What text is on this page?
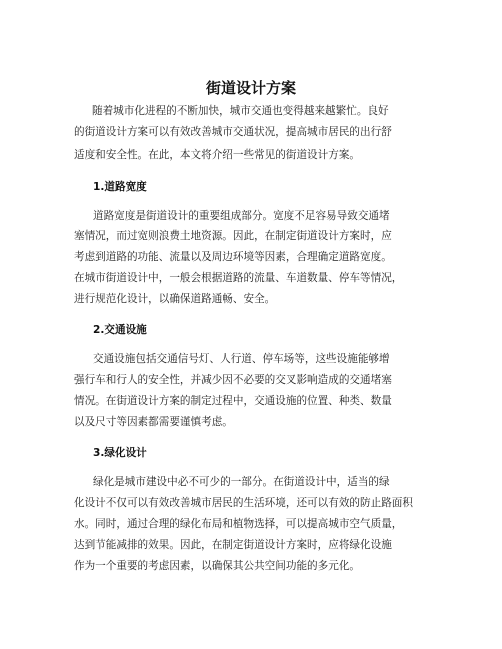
街道设计方案
随着城市化进程的不断加快，城市交通也变得越来越繁忙。良好
的街道设计方案可以有效改善城市交通状况，提高城市居民的出行舒
适度和安全性。在此，本文将介绍一些常见的街道设计方案。
1.道路宽度
道路宽度是街道设计的重要组成部分。宽度不足容易导致交通堵
塞情况，而过宽则浪费土地资源。因此，在制定街道设计方案时，应
考虑到道路的功能、流量以及周边环境等因素，合理确定道路宽度。
在城市街道设计中，一般会根据道路的流量、车道数量、停车等情况，
进行规范化设计，以确保道路通畅、安全。
2.交通设施
交通设施包括交通信号灯、人行道、停车场等，这些设施能够增
强行车和行人的安全性，并减少因不必要的交叉影响造成的交通堵塞
情况。在街道设计方案的制定过程中，交通设施的位置、种类、数量
以及尺寸等因素都需要谨慎考虑。
3.绿化设计
绿化是城市建设中必不可少的一部分。在街道设计中，适当的绿
化设计不仅可以有效改善城市居民的生活环境，还可以有效的防止路面积
水。同时，通过合理的绿化布局和植物选择，可以提高城市空气质量，
达到节能减排的效果。因此，在制定街道设计方案时，应将绿化设施
作为一个重要的考虑因素，以确保其公共空间功能的多元化。
